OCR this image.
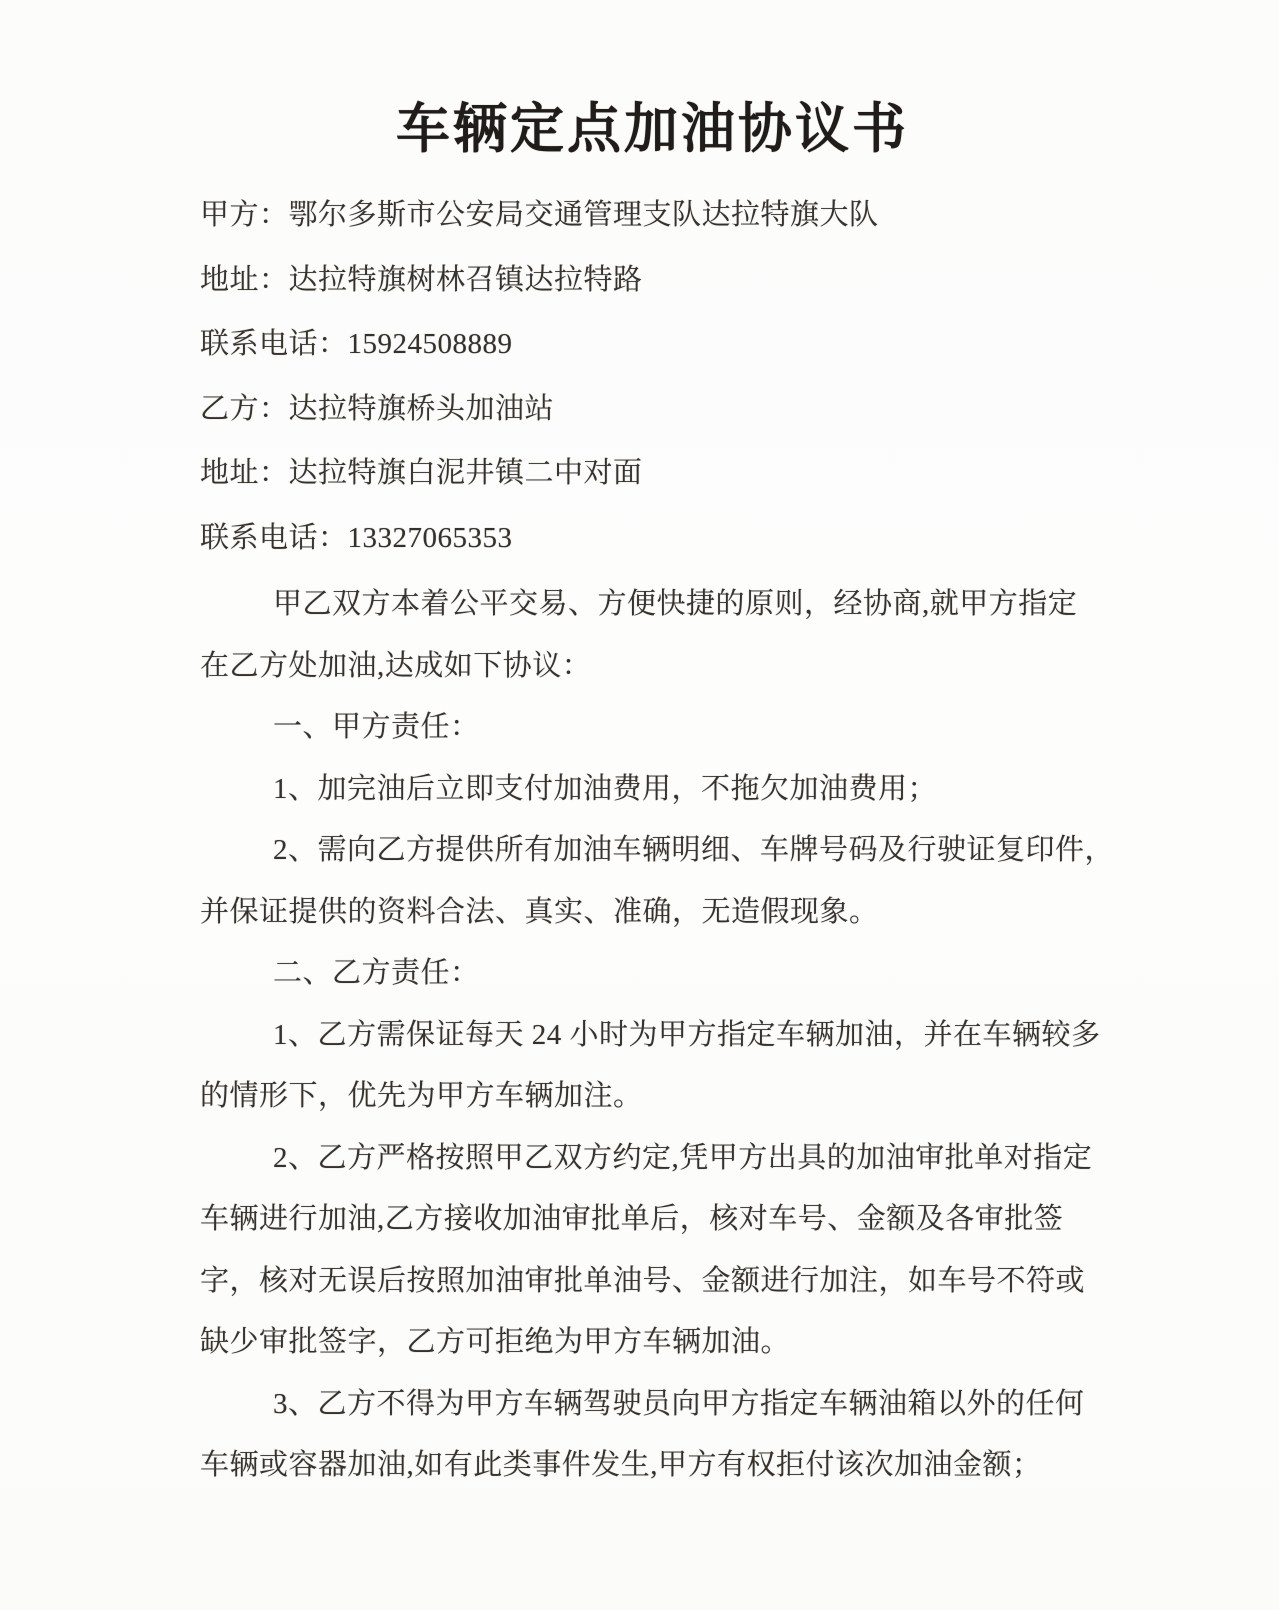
车辆定点加油协议书
甲方：鄂尔多斯市公安局交通管理支队达拉特旗大队
地址：达拉特旗树林召镇达拉特路
联系电话：15924508889
乙方：达拉特旗桥头加油站
地址：达拉特旗白泥井镇二中对面
联系电话：13327065353
甲乙双方本着公平交易、方便快捷的原则，经协商,就甲方指定
在乙方处加油,达成如下协议：
一、甲方责任：
1、加完油后立即支付加油费用，不拖欠加油费用；
2、需向乙方提供所有加油车辆明细、车牌号码及行驶证复印件，
并保证提供的资料合法、真实、准确，无造假现象。
二、乙方责任：
1、乙方需保证每天 24 小时为甲方指定车辆加油，并在车辆较多
的情形下，优先为甲方车辆加注。
2、乙方严格按照甲乙双方约定,凭甲方出具的加油审批单对指定
车辆进行加油,乙方接收加油审批单后，核对车号、金额及各审批签
字，核对无误后按照加油审批单油号、金额进行加注，如车号不符或
缺少审批签字，乙方可拒绝为甲方车辆加油。
3、乙方不得为甲方车辆驾驶员向甲方指定车辆油箱以外的任何
车辆或容器加油,如有此类事件发生,甲方有权拒付该次加油金额；
